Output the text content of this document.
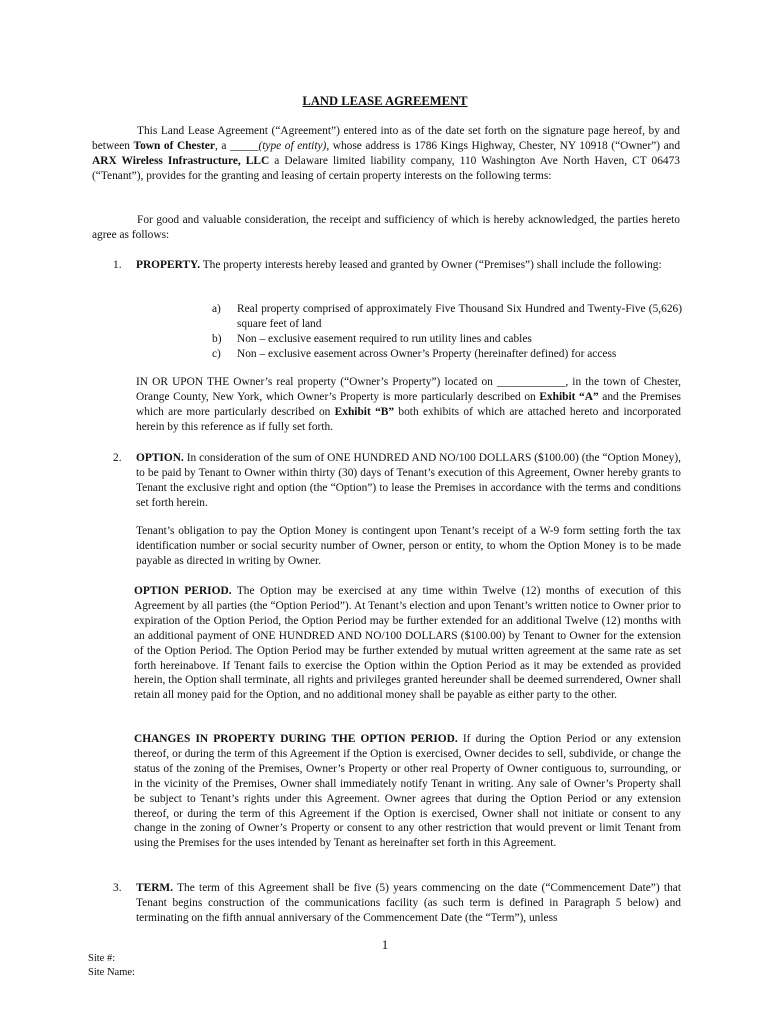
LAND LEASE AGREEMENT

This Land Lease Agreement (“Agreement”) entered into as of the date set forth on the signature page hereof, by and between Town of Chester, a _____(type of entity), whose address is 1786 Kings Highway, Chester, NY 10918 (“Owner”) and ARX Wireless Infrastructure, LLC a Delaware limited liability company, 110 Washington Ave North Haven, CT 06473 (“Tenant”), provides for the granting and leasing of certain property interests on the following terms:

For good and valuable consideration, the receipt and sufficiency of which is hereby acknowledged, the parties hereto agree as follows:

1. PROPERTY. The property interests hereby leased and granted by Owner (“Premises”) shall include the following:

a) Real property comprised of approximately Five Thousand Six Hundred and Twenty-Five (5,626) square feet of land
b) Non – exclusive easement required to run utility lines and cables
c) Non – exclusive easement across Owner’s Property (hereinafter defined) for access

IN OR UPON THE Owner’s real property (“Owner’s Property”) located on ____________, in the town of Chester, Orange County, New York, which Owner’s Property is more particularly described on Exhibit “A” and the Premises which are more particularly described on Exhibit “B” both exhibits of which are attached hereto and incorporated herein by this reference as if fully set forth.

2. OPTION. In consideration of the sum of ONE HUNDRED AND NO/100 DOLLARS ($100.00) (the “Option Money), to be paid by Tenant to Owner within thirty (30) days of Tenant’s execution of this Agreement, Owner hereby grants to Tenant the exclusive right and option (the “Option”) to lease the Premises in accordance with the terms and conditions set forth herein.

Tenant’s obligation to pay the Option Money is contingent upon Tenant’s receipt of a W-9 form setting forth the tax identification number or social security number of Owner, person or entity, to whom the Option Money is to be made payable as directed in writing by Owner.

OPTION PERIOD. The Option may be exercised at any time within Twelve (12) months of execution of this Agreement by all parties (the “Option Period”). At Tenant’s election and upon Tenant’s written notice to Owner prior to expiration of the Option Period, the Option Period may be further extended for an additional Twelve (12) months with an additional payment of ONE HUNDRED AND NO/100 DOLLARS ($100.00) by Tenant to Owner for the extension of the Option Period. The Option Period may be further extended by mutual written agreement at the same rate as set forth hereinabove. If Tenant fails to exercise the Option within the Option Period as it may be extended as provided herein, the Option shall terminate, all rights and privileges granted hereunder shall be deemed surrendered, Owner shall retain all money paid for the Option, and no additional money shall be payable as either party to the other.

CHANGES IN PROPERTY DURING THE OPTION PERIOD. If during the Option Period or any extension thereof, or during the term of this Agreement if the Option is exercised, Owner decides to sell, subdivide, or change the status of the zoning of the Premises, Owner’s Property or other real Property of Owner contiguous to, surrounding, or in the vicinity of the Premises, Owner shall immediately notify Tenant in writing. Any sale of Owner’s Property shall be subject to Tenant’s rights under this Agreement. Owner agrees that during the Option Period or any extension thereof, or during the term of this Agreement if the Option is exercised, Owner shall not initiate or consent to any change in the zoning of Owner’s Property or consent to any other restriction that would prevent or limit Tenant from using the Premises for the uses intended by Tenant as hereinafter set forth in this Agreement.

3. TERM. The term of this Agreement shall be five (5) years commencing on the date (“Commencement Date”) that Tenant begins construction of the communications facility (as such term is defined in Paragraph 5 below) and terminating on the fifth annual anniversary of the Commencement Date (the “Term”), unless

1
Site #:
Site Name:
